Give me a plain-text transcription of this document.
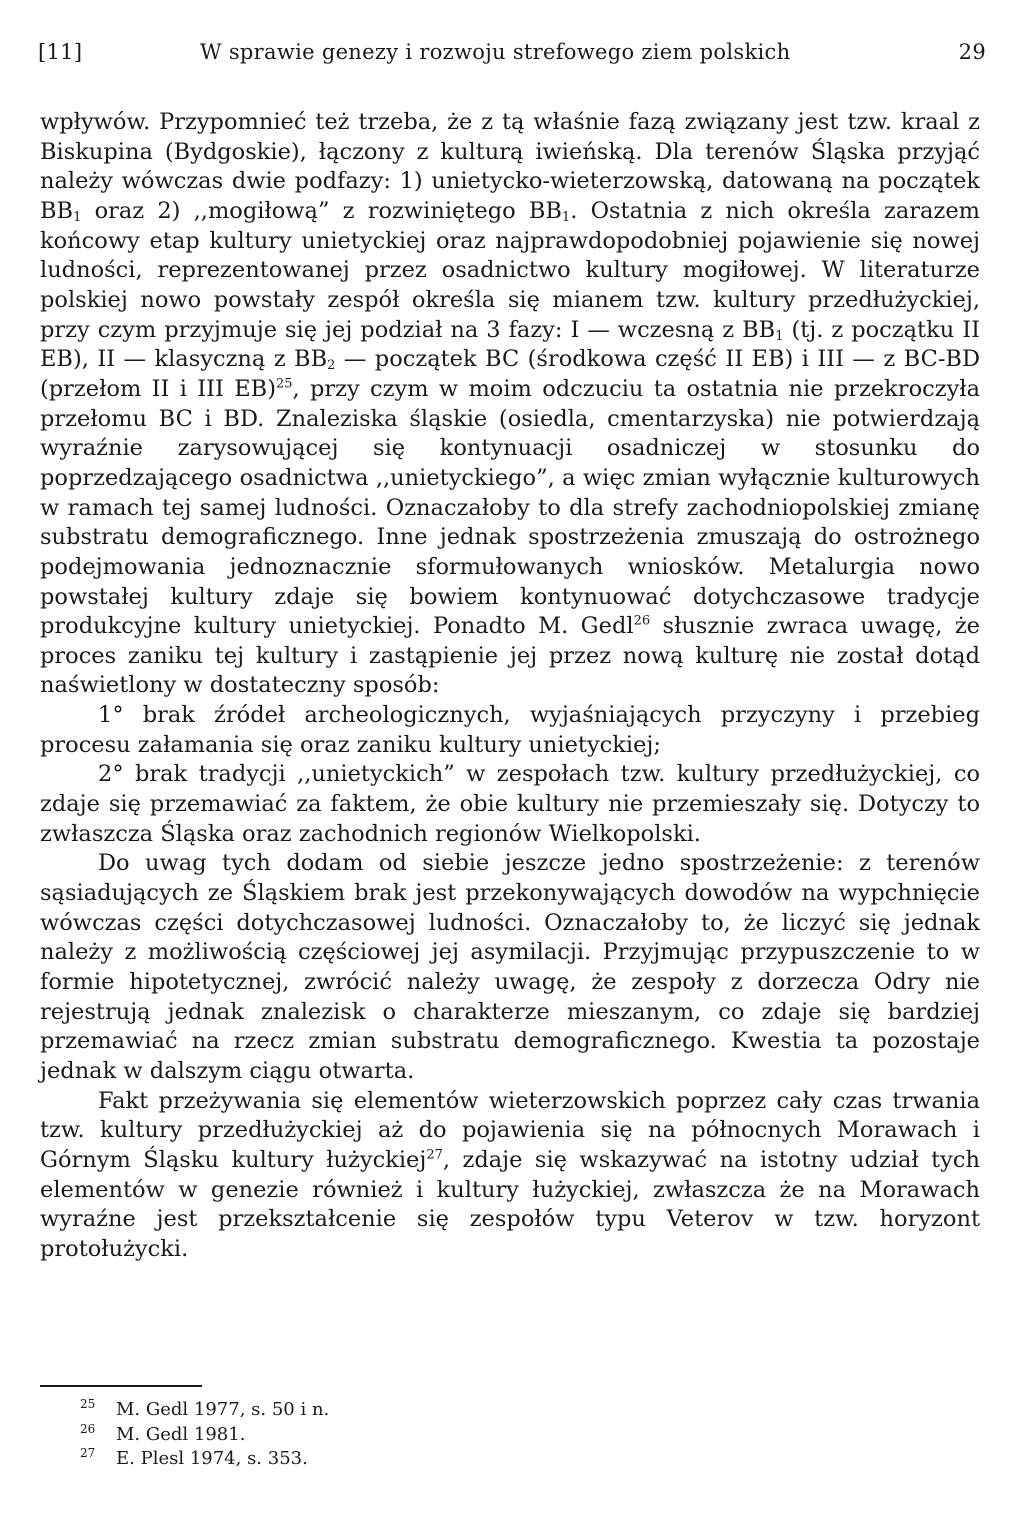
[11]	W sprawie genezy i rozwoju strefowego ziem polskich	29

wpływów. Przypomnieć też trzeba, że z tą właśnie fazą związany jest tzw. kraal z Biskupina (Bydgoskie), łączony z kulturą iwieńską. Dla terenów Śląska przyjąć należy wówczas dwie podfazy: 1) unietycko-wieterzowską, datowaną na początek $BB_1$ oraz 2) ,,mogiłową” z rozwiniętego $BB_1$. Ostatnia z nich określa zarazem końcowy etap kultury unietyckiej oraz najprawdopodobniej pojawienie się nowej ludności, reprezentowanej przez osadnictwo kultury mogiłowej. W literaturze polskiej nowo powstały zespół określa się mianem tzw. kultury przedłużyckiej, przy czym przyjmuje się jej podział na 3 fazy: I — wczesną z $BB_1$ (tj. z początku II EB), II — klasyczną z $BB_2$ — początek BC (środkowa część II EB) i III — z BC-BD (przełom II i III EB)$^{25}$, przy czym w moim odczuciu ta ostatnia nie przekroczyła przełomu BC i BD. Znaleziska śląskie (osiedla, cmentarzyska) nie potwierdzają wyraźnie zarysowującej się kontynuacji osadniczej w stosunku do poprzedzającego osadnictwa ,,unietyckiego”, a więc zmian wyłącznie kulturowych w ramach tej samej ludności. Oznaczałoby to dla strefy zachodniopolskiej zmianę substratu demograficznego. Inne jednak spostrzeżenia zmuszają do ostrożnego podejmowania jednoznacznie sformułowanych wniosków. Metalurgia nowo powstałej kultury zdaje się bowiem kontynuować dotychczasowe tradycje produkcyjne kultury unietyckiej. Ponadto M. Gedl$^{26}$ słusznie zwraca uwagę, że proces zaniku tej kultury i zastąpienie jej przez nową kulturę nie został dotąd naświetlony w dostateczny sposób:

1° brak źródeł archeologicznych, wyjaśniających przyczyny i przebieg procesu załamania się oraz zaniku kultury unietyckiej;

2° brak tradycji ,,unietyckich” w zespołach tzw. kultury przedłużyckiej, co zdaje się przemawiać za faktem, że obie kultury nie przemieszały się. Dotyczy to zwłaszcza Śląska oraz zachodnich regionów Wielkopolski.

Do uwag tych dodam od siebie jeszcze jedno spostrzeżenie: z terenów sąsiadujących ze Śląskiem brak jest przekonywających dowodów na wypchnięcie wówczas części dotychczasowej ludności. Oznaczałoby to, że liczyć się jednak należy z możliwością częściowej jej asymilacji. Przyjmując przypuszczenie to w formie hipotetycznej, zwrócić należy uwagę, że zespoły z dorzecza Odry nie rejestrują jednak znalezisk o charakterze mieszanym, co zdaje się bardziej przemawiać na rzecz zmian substratu demograficznego. Kwestia ta pozostaje jednak w dalszym ciągu otwarta.

Fakt przeżywania się elementów wieterzowskich poprzez cały czas trwania tzw. kultury przedłużyckiej aż do pojawienia się na północnych Morawach i Górnym Śląsku kultury łużyckiej$^{27}$, zdaje się wskazywać na istotny udział tych elementów w genezie również i kultury łużyckiej, zwłaszcza że na Morawach wyraźne jest przekształcenie się zespołów typu Veterov w tzw. horyzont protołużycki.

25 M. Gedl 1977, s. 50 i n.
26 M. Gedl 1981.
27 E. Plesl 1974, s. 353.
